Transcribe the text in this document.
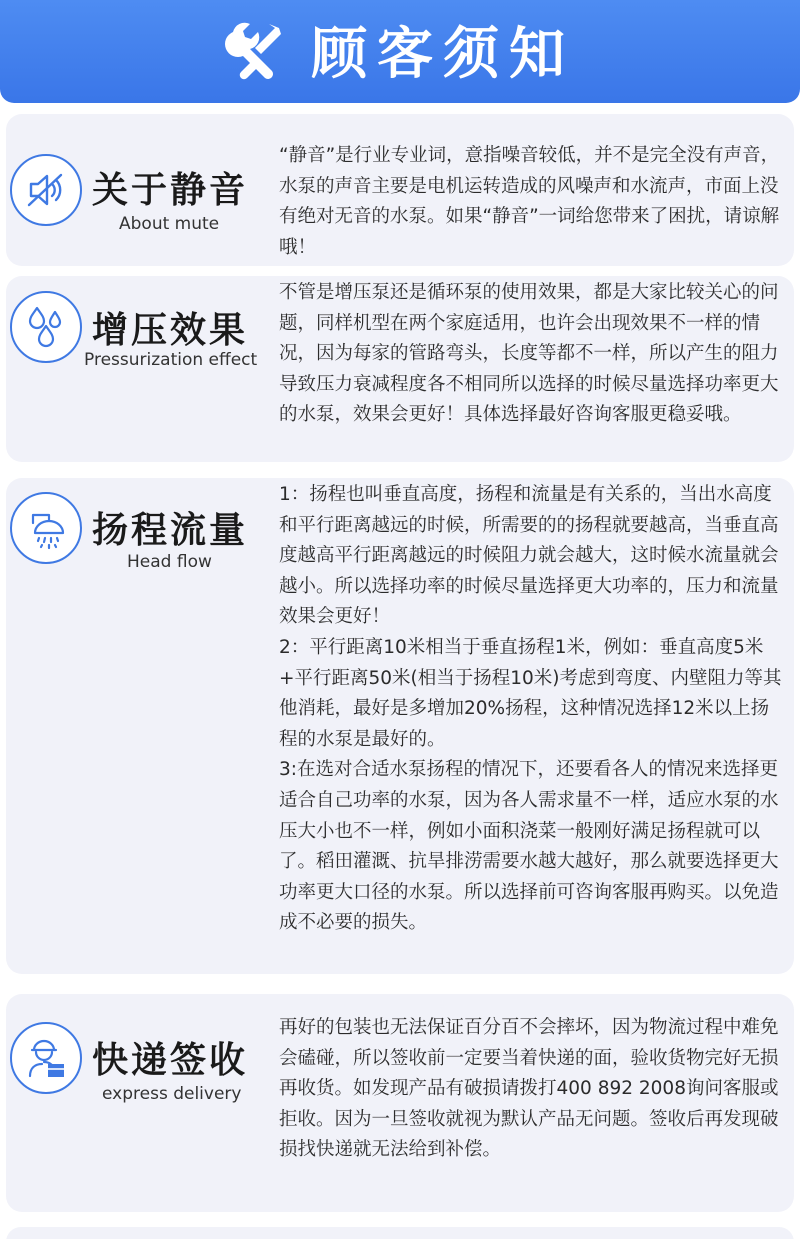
顾客须知
关于静音
About mute

“静音”是行业专业词，意指噪音较低，并不是完全没有声音，水泵的声音主要是电机运转造成的风噪声和水流声，市面上没有绝对无音的水泵。如果“静音”一词给您带来了困扰，请谅解哦！

增压效果
Pressurization effect

不管是增压泵还是循环泵的使用效果，都是大家比较关心的问题，同样机型在两个家庭适用，也许会出现效果不一样的情况，因为每家的管路弯头，长度等都不一样，所以产生的阻力导致压力衰减程度各不相同所以选择的时候尽量选择功率更大的水泵，效果会更好！具体选择最好咨询客服更稳妥哦。

扬程流量
Head flow

1：扬程也叫垂直高度，扬程和流量是有关系的，当出水高度和平行距离越远的时候，所需要的的扬程就要越高，当垂直高度越高平行距离越远的时候阻力就会越大，这时候水流量就会越小。所以选择功率的时候尽量选择更大功率的，压力和流量效果会更好！

2：平行距离10米相当于垂直扬程1米，例如：垂直高度5米+平行距离50米(相当于扬程10米)考虑到弯度、内壁阻力等其他消耗，最好是多增加20%扬程，这种情况选择12米以上扬程的水泵是最好的。

3:在选对合适水泵扬程的情况下，还要看各人的情况来选择更适合自己功率的水泵，因为各人需求量不一样，适应水泵的水压大小也不一样，例如小面积浇菜一般刚好满足扬程就可以了。稻田灌溉、抗旱排涝需要水越大越好，那么就要选择更大功率更大口径的水泵。所以选择前可咨询客服再购买。以免造成不必要的损失。

快递签收
express delivery

再好的包装也无法保证百分百不会摔坏，因为物流过程中难免会磕碰，所以签收前一定要当着快递的面，验收货物完好无损再收货。如发现产品有破损请拨打400 892 2008询问客服或拒收。因为一旦签收就视为默认产品无问题。签收后再发现破损找快递就无法给到补偿。
